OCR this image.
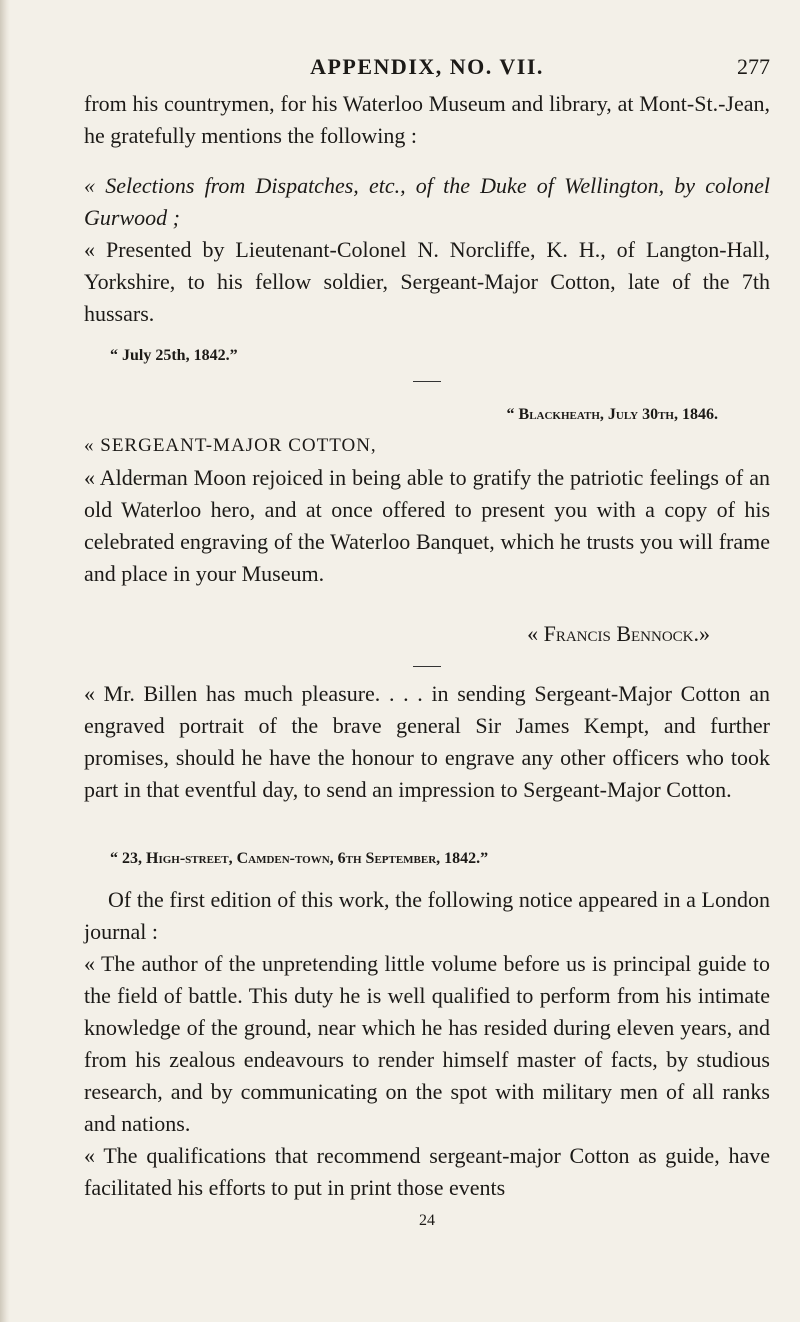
APPENDIX, NO. VII.	277

from his countrymen, for his Waterloo Museum and library, at Mont-St.-Jean, he gratefully mentions the following :

« Selections from Dispatches, etc., of the Duke of Wellington, by colonel Gurwood ;

« Presented by Lieutenant-Colonel N. Norcliffe, K. H., of Langton-Hall, Yorkshire, to his fellow soldier, Sergeant-Major Cotton, late of the 7th hussars.

“ July 25th, 1842.”

“ Blackheath, July 30th, 1846.

« SERGEANT-MAJOR COTTON,

« Alderman Moon rejoiced in being able to gratify the patriotic feelings of an old Waterloo hero, and at once offered to present you with a copy of his celebrated engraving of the Waterloo Banquet, which he trusts you will frame and place in your Museum.

« Francis Bennock.»

« Mr. Billen has much pleasure. . . . in sending Sergeant-Major Cotton an engraved portrait of the brave general Sir James Kempt, and further promises, should he have the honour to engrave any other officers who took part in that eventful day, to send an impression to Sergeant-Major Cotton.

“ 23, High-street, Camden-town, 6th September, 1842.”

Of the first edition of this work, the following notice appeared in a London journal :

« The author of the unpretending little volume before us is principal guide to the field of battle. This duty he is well qualified to perform from his intimate knowledge of the ground, near which he has resided during eleven years, and from his zealous endeavours to render himself master of facts, by studious research, and by communicating on the spot with military men of all ranks and nations.

« The qualifications that recommend sergeant-major Cotton as guide, have facilitated his efforts to put in print those events

24
